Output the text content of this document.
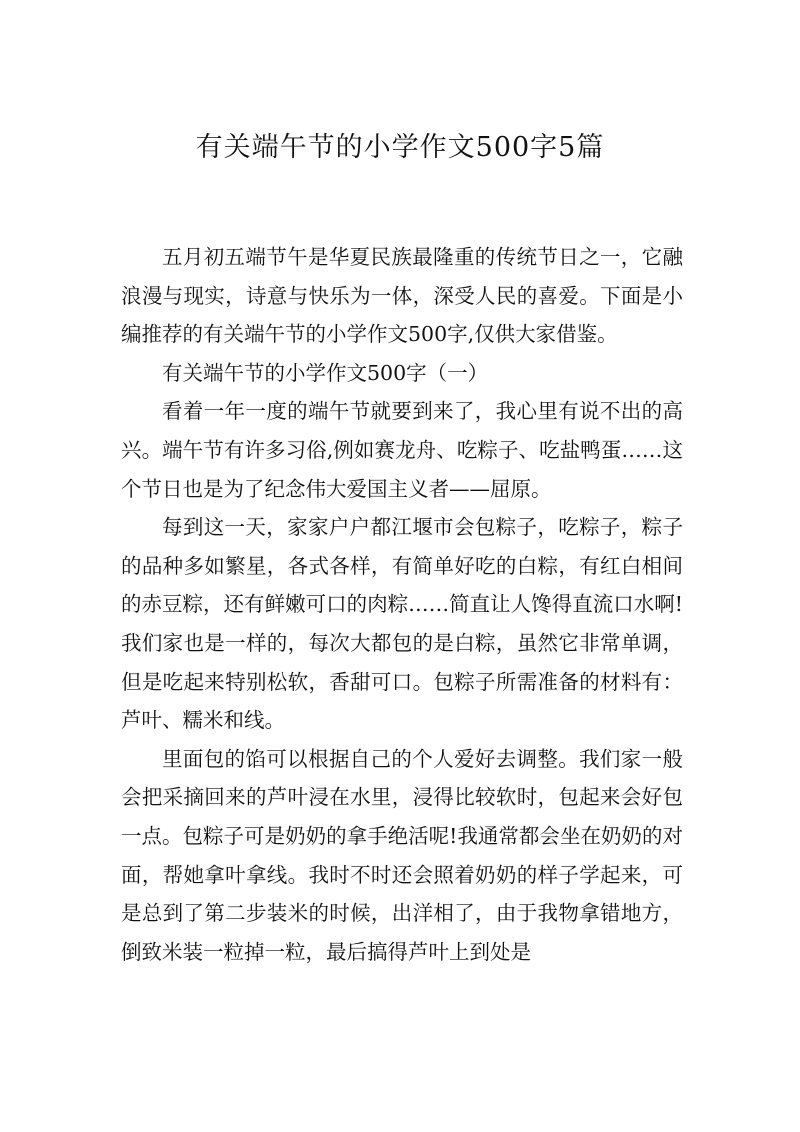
有关端午节的小学作文500字5篇

五月初五端节午是华夏民族最隆重的传统节日之一，它融浪漫与现实，诗意与快乐为一体，深受人民的喜爱。下面是小编推荐的有关端午节的小学作文500字,仅供大家借鉴。

有关端午节的小学作文500字（一）

看着一年一度的端午节就要到来了，我心里有说不出的高兴。端午节有许多习俗,例如赛龙舟、吃粽子、吃盐鸭蛋……这个节日也是为了纪念伟大爱国主义者——屈原。

每到这一天，家家户户都江堰市会包粽子，吃粽子，粽子的品种多如繁星，各式各样，有简单好吃的白粽，有红白相间的赤豆粽，还有鲜嫩可口的肉粽……简直让人馋得直流口水啊!我们家也是一样的，每次大都包的是白粽，虽然它非常单调，但是吃起来特别松软，香甜可口。包粽子所需准备的材料有：芦叶、糯米和线。

里面包的馅可以根据自己的个人爱好去调整。我们家一般会把采摘回来的芦叶浸在水里，浸得比较软时，包起来会好包一点。包粽子可是奶奶的拿手绝活呢!我通常都会坐在奶奶的对面，帮她拿叶拿线。我时不时还会照着奶奶的样子学起来，可是总到了第二步装米的时候，出洋相了，由于我物拿错地方，倒致米装一粒掉一粒，最后搞得芦叶上到处是
